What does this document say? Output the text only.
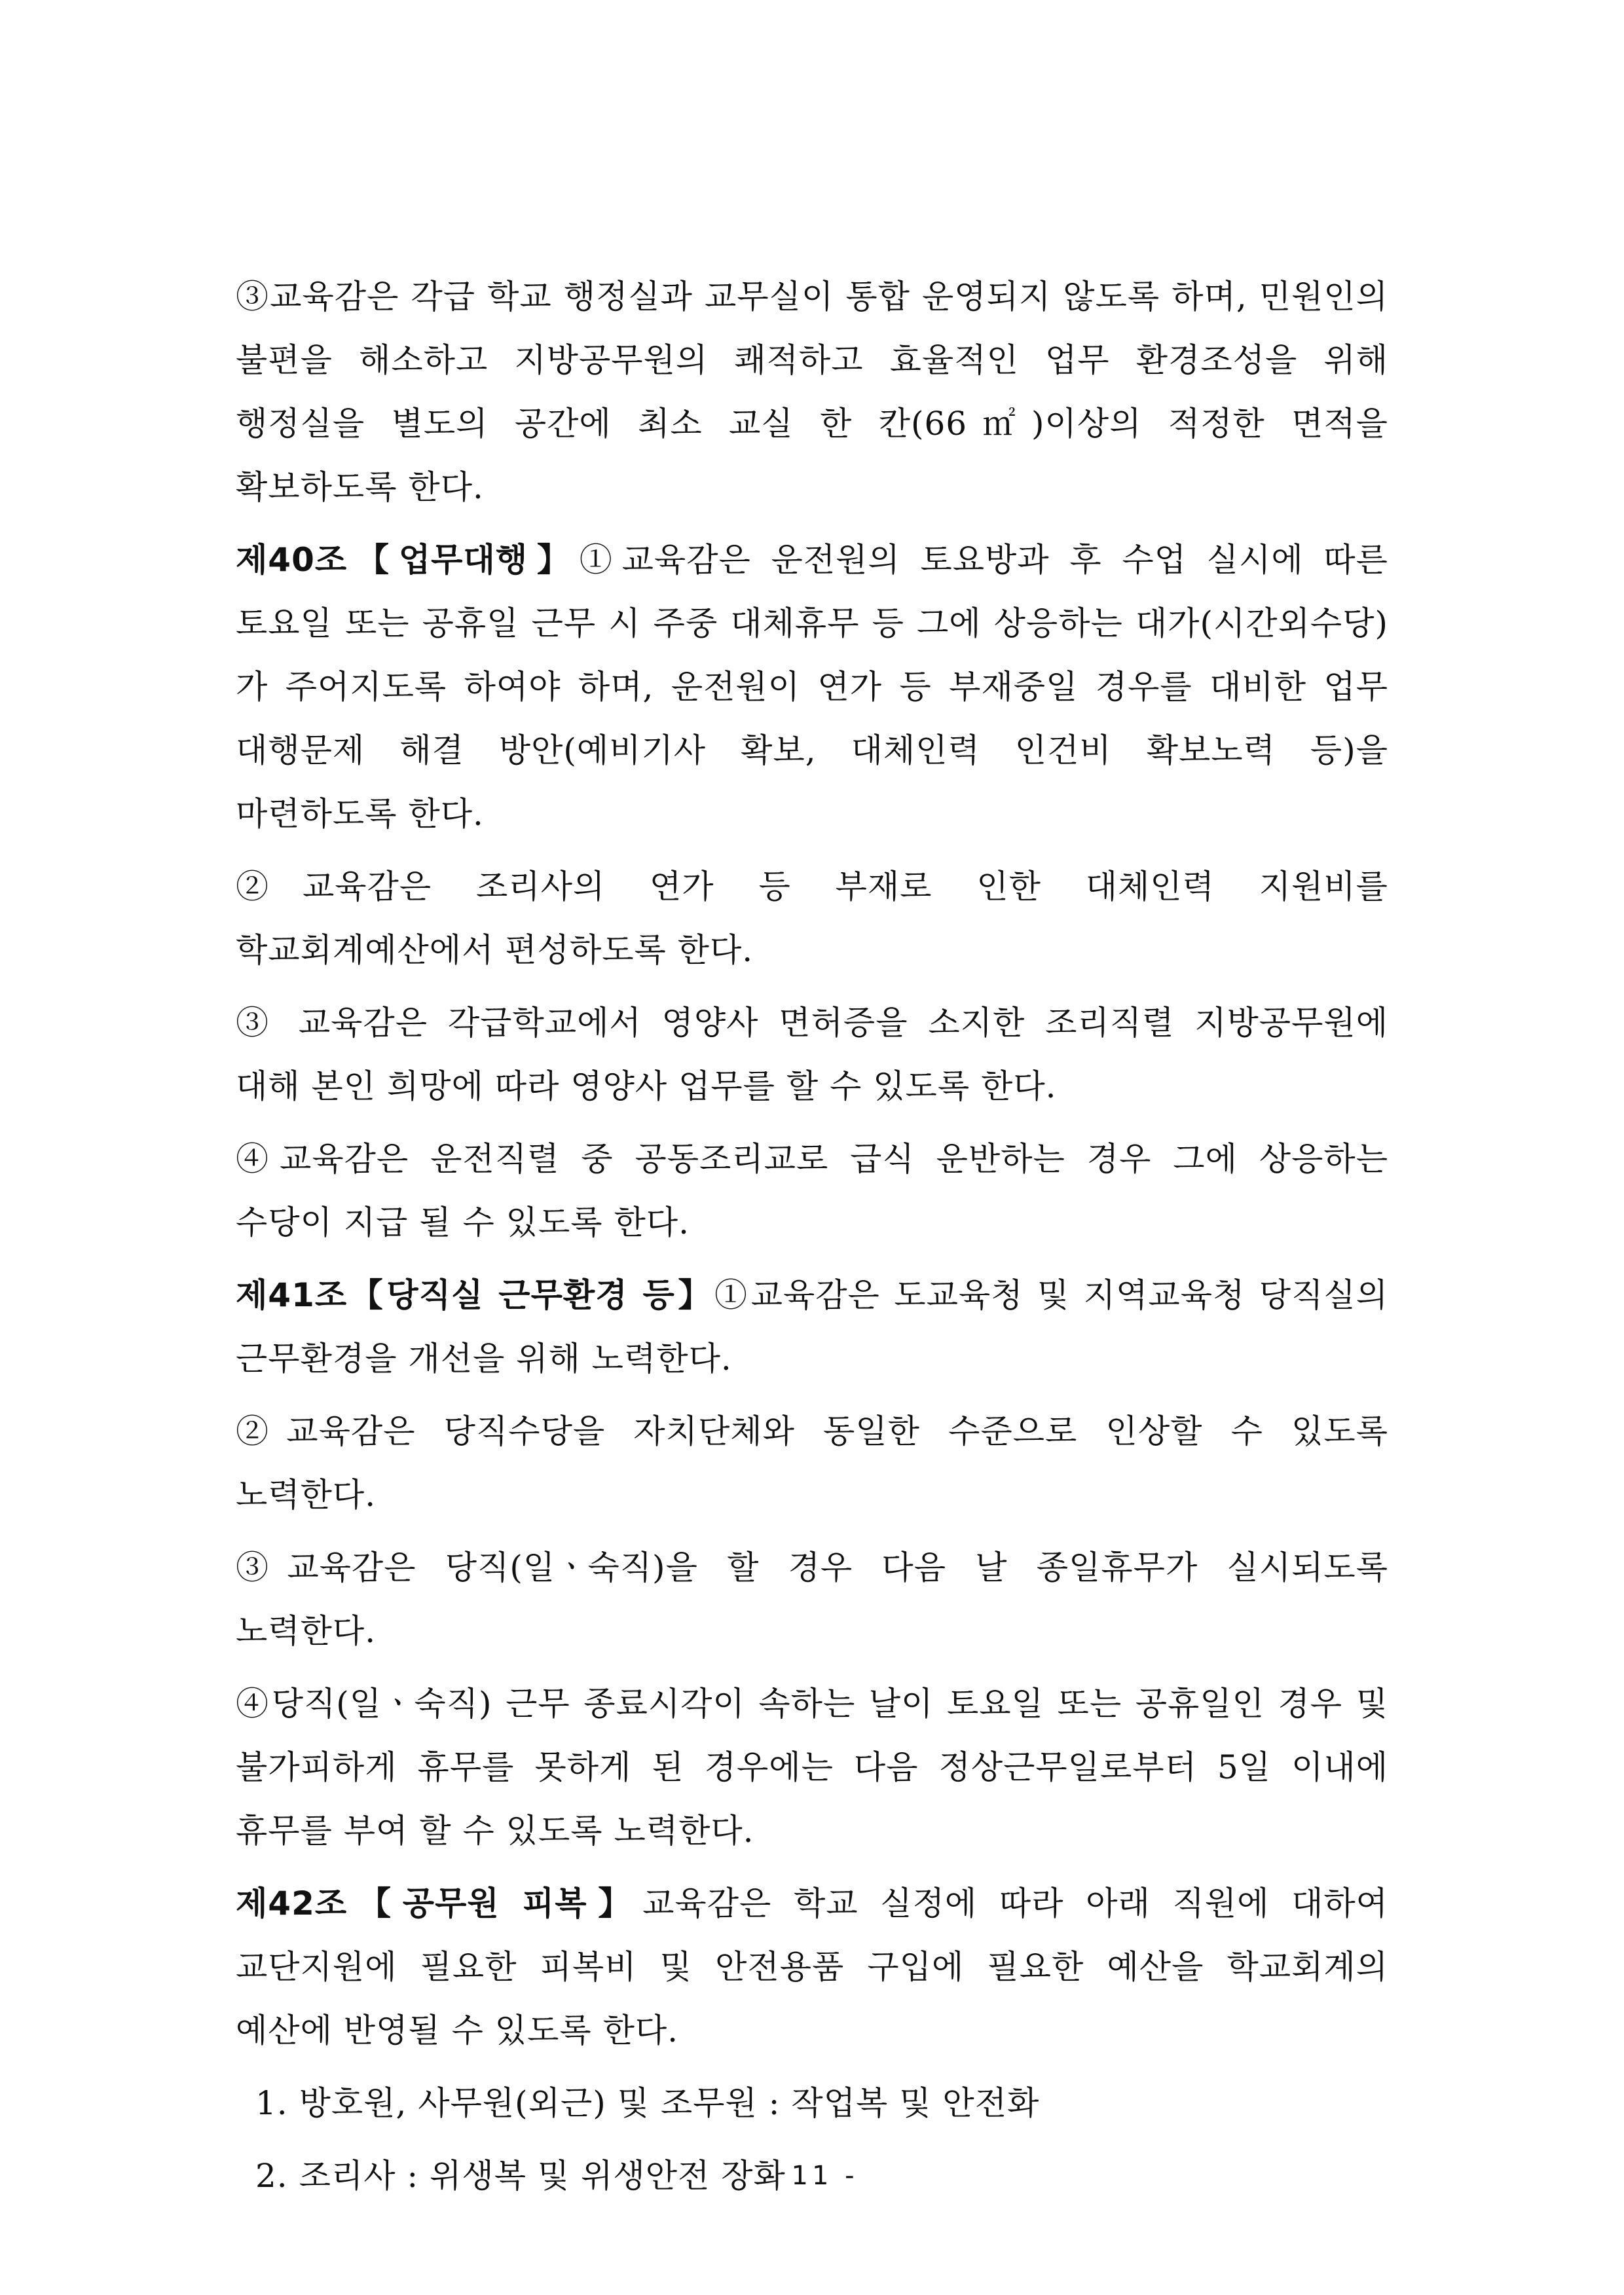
③교육감은 각급 학교 행정실과 교무실이 통합 운영되지 않도록 하며, 민원인의 불편을 해소하고 지방공무원의 쾌적하고 효율적인 업무 환경조성을 위해 행정실을 별도의 공간에 최소 교실 한 칸(66㎡)이상의 적정한 면적을 확보하도록 한다.

제40조【업무대행】①교육감은 운전원의 토요방과 후 수업 실시에 따른 토요일 또는 공휴일 근무 시 주중 대체휴무 등 그에 상응하는 대가(시간외수당)가 주어지도록 하여야 하며, 운전원이 연가 등 부재중일 경우를 대비한 업무 대행문제 해결 방안(예비기사 확보, 대체인력 인건비 확보노력 등)을 마련하도록 한다.

②교육감은 조리사의 연가 등 부재로 인한 대체인력 지원비를 학교회계예산에서 편성하도록 한다.

③ 교육감은 각급학교에서 영양사 면허증을 소지한 조리직렬 지방공무원에 대해 본인 희망에 따라 영양사 업무를 할 수 있도록 한다.

④교육감은 운전직렬 중 공동조리교로 급식 운반하는 경우 그에 상응하는 수당이 지급 될 수 있도록 한다.

제41조【당직실 근무환경 등】①교육감은 도교육청 및 지역교육청 당직실의 근무환경을 개선을 위해 노력한다.

②교육감은 당직수당을 자치단체와 동일한 수준으로 인상할 수 있도록 노력한다.

③교육감은 당직(일ㆍ숙직)을 할 경우 다음 날 종일휴무가 실시되도록 노력한다.

④당직(일ㆍ숙직) 근무 종료시각이 속하는 날이 토요일 또는 공휴일인 경우 및 불가피하게 휴무를 못하게 된 경우에는 다음 정상근무일로부터 5일 이내에 휴무를 부여 할 수 있도록 노력한다.

제42조【공무원 피복】교육감은 학교 실정에 따라 아래 직원에 대하여 교단지원에 필요한 피복비 및 안전용품 구입에 필요한 예산을 학교회계의 예산에 반영될 수 있도록 한다.

1. 방호원, 사무원(외근) 및 조무원 : 작업복 및 안전화
2. 조리사 : 위생복 및 위생안전 장화
- 11 -
